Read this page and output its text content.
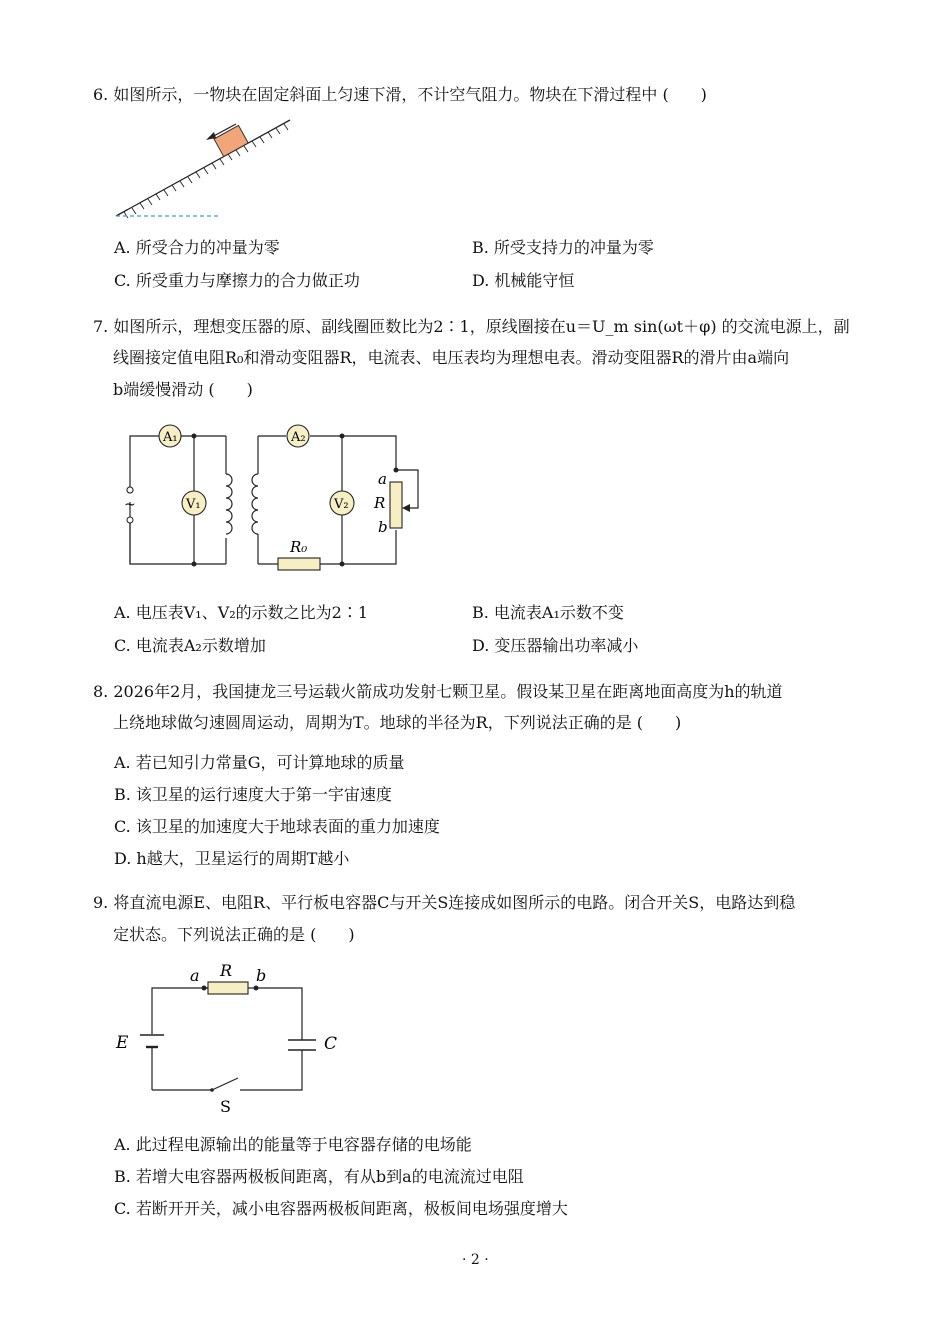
6. 如图所示，一物块在固定斜面上匀速下滑，不计空气阻力。物块在下滑过程中 (　　)
A. 所受合力的冲量为零	B. 所受支持力的冲量为零
C. 所受重力与摩擦力的合力做正功	D. 机械能守恒
7. 如图所示，理想变压器的原、副线圈匝数比为2∶1，原线圈接在u＝U_m sin(ωt＋φ) 的交流电源上，副
线圈接定值电阻R₀和滑动变阻器R，电流表、电压表均为理想电表。滑动变阻器R的滑片由a端向
b端缓慢滑动 (　　)
~
A₁
V₁
A₂
V₂
R₀
a
R
b
A. 电压表V₁、V₂的示数之比为2∶1	B. 电流表A₁示数不变
C. 电流表A₂示数增加	D. 变压器输出功率减小
8. 2026年2月，我国捷龙三号运载火箭成功发射七颗卫星。假设某卫星在距离地面高度为h的轨道
上绕地球做匀速圆周运动，周期为T。地球的半径为R，下列说法正确的是 (　　)
A. 若已知引力常量G，可计算地球的质量
B. 该卫星的运行速度大于第一宇宙速度
C. 该卫星的加速度大于地球表面的重力加速度
D. h越大，卫星运行的周期T越小
9. 将直流电源E、电阻R、平行板电容器C与开关S连接成如图所示的电路。闭合开关S，电路达到稳
定状态。下列说法正确的是 (　　)
E	C
R
a	b
S
A. 此过程电源输出的能量等于电容器存储的电场能
B. 若增大电容器两极板间距离，有从b到a的电流流过电阻
C. 若断开开关，减小电容器两极板间距离，极板间电场强度增大
· 2 ·
